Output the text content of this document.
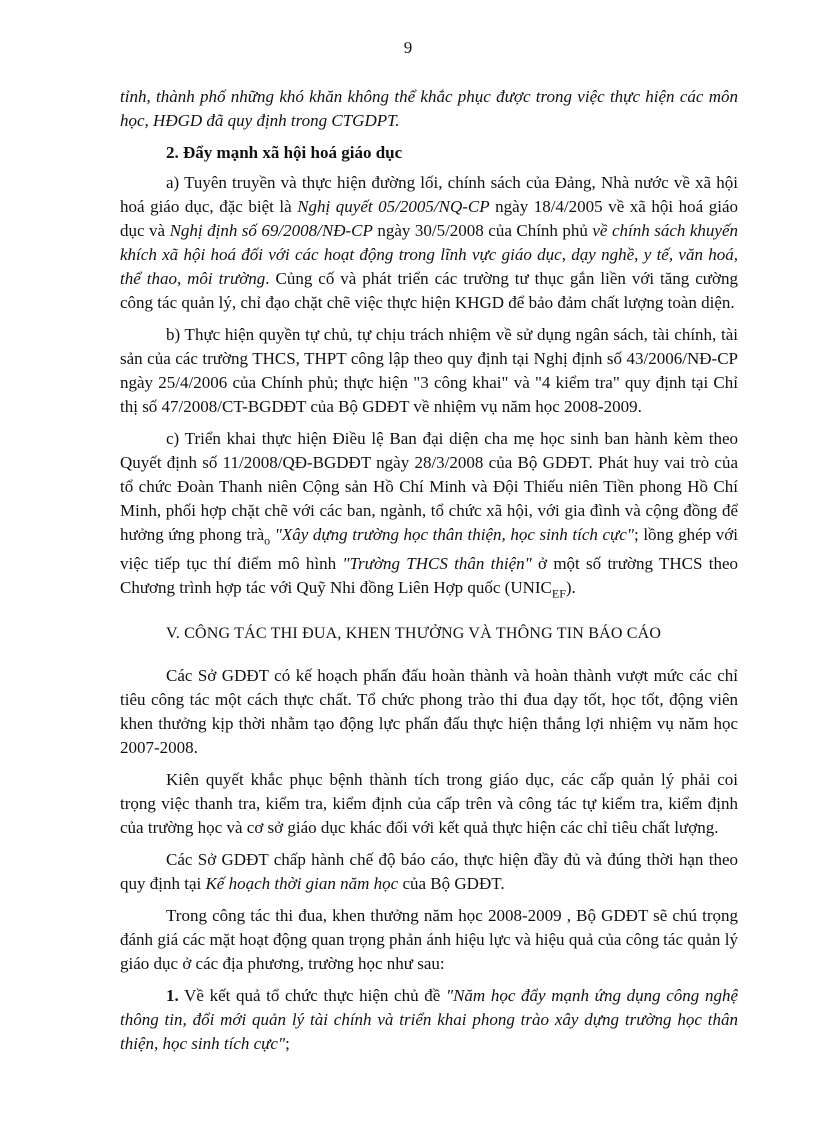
9

tỉnh, thành phố những khó khăn không thể khắc phục được trong việc thực hiện các môn học, HĐGD đã quy định trong CTGDPT.

2. Đẩy mạnh xã hội hoá giáo dục

a) Tuyên truyền và thực hiện đường lối, chính sách của Đảng, Nhà nước về xã hội hoá giáo dục, đặc biệt là Nghị quyết 05/2005/NQ-CP ngày 18/4/2005 về xã hội hoá giáo dục và Nghị định số 69/2008/NĐ-CP ngày 30/5/2008 của Chính phủ về chính sách khuyến khích xã hội hoá đối với các hoạt động trong lĩnh vực giáo dục, dạy nghề, y tế, văn hoá, thể thao, môi trường. Củng cố và phát triển các trường tư thục gắn liền với tăng cường công tác quản lý, chỉ đạo chặt chẽ việc thực hiện KHGD để bảo đảm chất lượng toàn diện.

b) Thực hiện quyền tự chủ, tự chịu trách nhiệm về sử dụng ngân sách, tài chính, tài sản của các trường THCS, THPT công lập theo quy định tại Nghị định số 43/2006/NĐ-CP ngày 25/4/2006 của Chính phủ; thực hiện "3 công khai" và "4 kiểm tra" quy định tại Chỉ thị số 47/2008/CT-BGDĐT của Bộ GDĐT về nhiệm vụ năm học 2008-2009.

c) Triển khai thực hiện Điều lệ Ban đại diện cha mẹ học sinh ban hành kèm theo Quyết định số 11/2008/QĐ-BGDĐT ngày 28/3/2008 của Bộ GDĐT. Phát huy vai trò của tổ chức Đoàn Thanh niên Cộng sản Hồ Chí Minh và Đội Thiếu niên Tiền phong Hồ Chí Minh, phối hợp chặt chẽ với các ban, ngành, tổ chức xã hội, với gia đình và cộng đồng để hưởng ứng phong trà$_o$ "Xây dựng trường học thân thiện, học sinh tích cực"; lồng ghép với việc tiếp tục thí điểm mô hình "Trường THCS thân thiện" ở một số trường THCS theo Chương trình hợp tác với Quỹ Nhi đồng Liên Hợp quốc $(UNIC_{EF})$.

V. CÔNG TÁC THI ĐUA, KHEN THƯỞNG VÀ THÔNG TIN BÁO CÁO

Các Sở GDĐT có kế hoạch phấn đấu hoàn thành và hoàn thành vượt mức các chỉ tiêu công tác một cách thực chất. Tổ chức phong trào thi đua dạy tốt, học tốt, động viên khen thưởng kịp thời nhằm tạo động lực phấn đấu thực hiện thắng lợi nhiệm vụ năm học 2007-2008.

Kiên quyết khắc phục bệnh thành tích trong giáo dục, các cấp quản lý phải coi trọng việc thanh tra, kiểm tra, kiểm định của cấp trên và công tác tự kiểm tra, kiểm định của trường học và cơ sở giáo dục khác đối với kết quả thực hiện các chỉ tiêu chất lượng.

Các Sở GDĐT chấp hành chế độ báo cáo, thực hiện đầy đủ và đúng thời hạn theo quy định tại Kế hoạch thời gian năm học của Bộ GDĐT.

Trong công tác thi đua, khen thưởng năm học 2008-2009 , Bộ GDĐT sẽ chú trọng đánh giá các mặt hoạt động quan trọng phản ánh hiệu lực và hiệu quả của công tác quản lý giáo dục ở các địa phương, trường học như sau:

1. Về kết quả tổ chức thực hiện chủ đề "Năm học đẩy mạnh ứng dụng công nghệ thông tin, đổi mới quản lý tài chính và triển khai phong trào xây dựng trường học thân thiện, học sinh tích cực";
